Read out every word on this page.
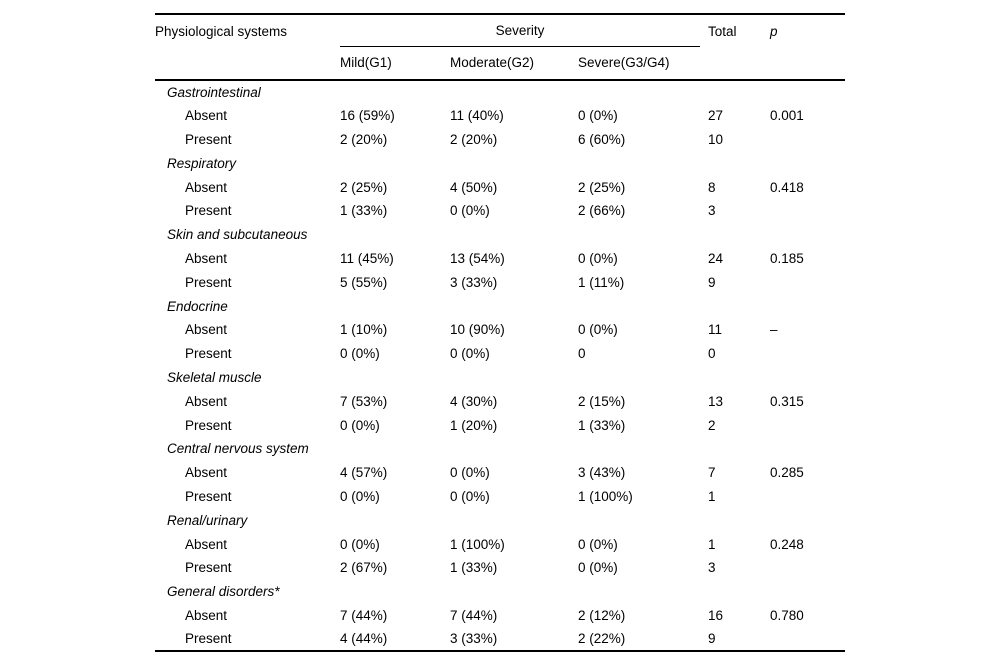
Physiological systems	Severity			Total	p
	Mild(G1)	Moderate(G2)	Severe(G3/G4)		
Gastrointestinal					
Absent	16 (59%)	11 (40%)	0 (0%)	27	0.001
Present	2 (20%)	2 (20%)	6 (60%)	10	
Respiratory					
Absent	2 (25%)	4 (50%)	2 (25%)	8	0.418
Present	1 (33%)	0 (0%)	2 (66%)	3	
Skin and subcutaneous					
Absent	11 (45%)	13 (54%)	0 (0%)	24	0.185
Present	5 (55%)	3 (33%)	1 (11%)	9	
Endocrine					
Absent	1 (10%)	10 (90%)	0 (0%)	11	–
Present	0 (0%)	0 (0%)	0	0	
Skeletal muscle					
Absent	7 (53%)	4 (30%)	2 (15%)	13	0.315
Present	0 (0%)	1 (20%)	1 (33%)	2	
Central nervous system					
Absent	4 (57%)	0 (0%)	3 (43%)	7	0.285
Present	0 (0%)	0 (0%)	1 (100%)	1	
Renal/urinary					
Absent	0 (0%)	1 (100%)	0 (0%)	1	0.248
Present	2 (67%)	1 (33%)	0 (0%)	3	
General disorders*					
Absent	7 (44%)	7 (44%)	2 (12%)	16	0.780
Present	4 (44%)	3 (33%)	2 (22%)	9	
